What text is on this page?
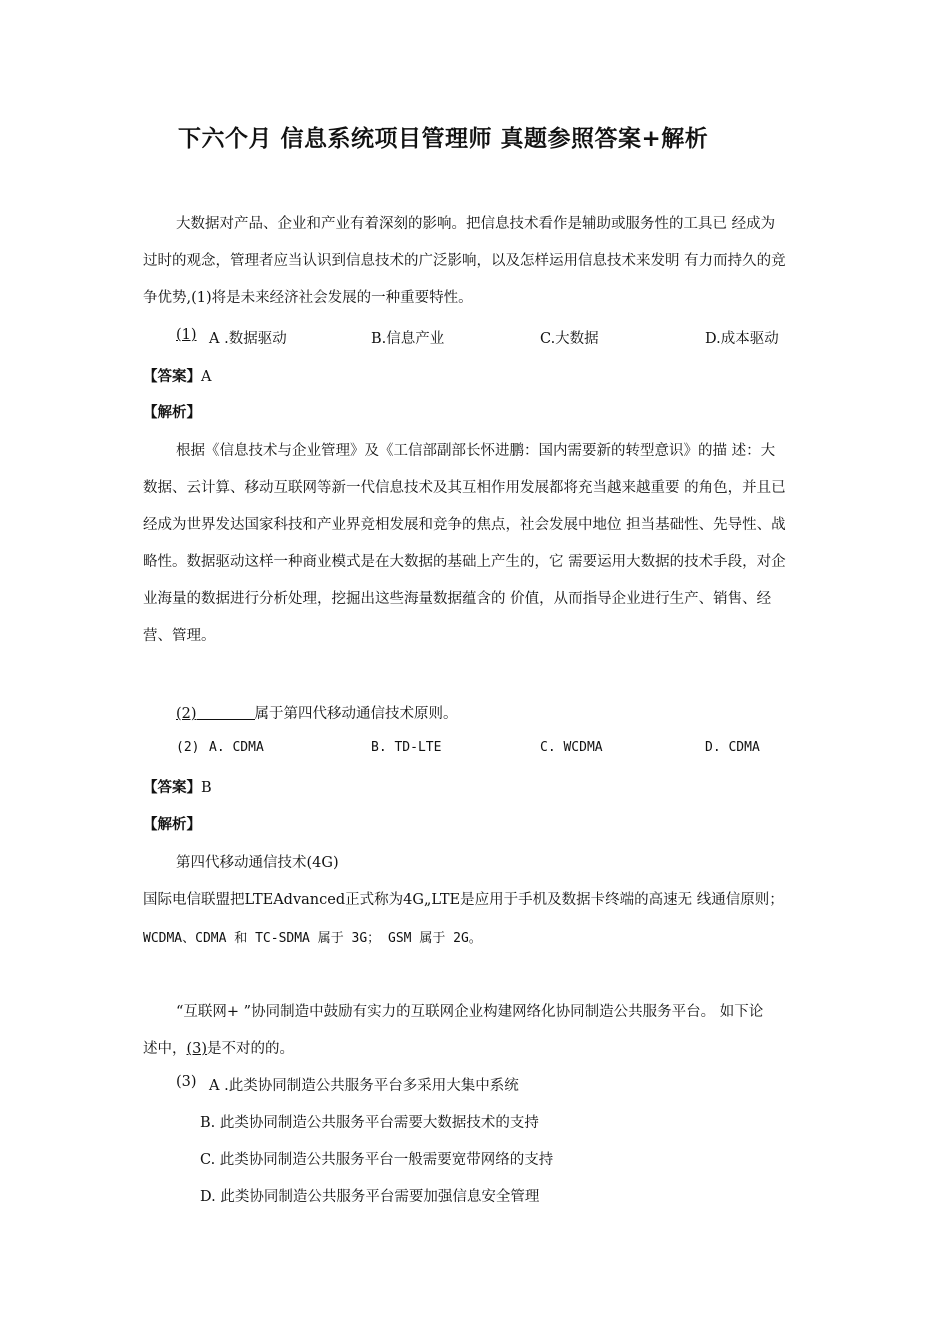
下六个月 信息系统项目管理师 真题参照答案+解析

大数据对产品、企业和产业有着深刻的影响。把信息技术看作是辅助或服务性的工具已 经成为

过时的观念，管理者应当认识到信息技术的广泛影响，以及怎样运用信息技术来发明 有力而持久的竞

争优势,(1)将是未来经济社会发展的一种重要特性。

(1) A .数据驱动	B.信息产业	C.大数据	D.成本驱动
【答案】A
【解析】

根据《信息技术与企业管理》及《工信部副部长怀进鹏：国内需要新的转型意识》的描 述：大

数据、云计算、移动互联网等新一代信息技术及其互相作用发展都将充当越来越重要 的角色，并且已

经成为世界发达国家科技和产业界竞相发展和竞争的焦点，社会发展中地位 担当基础性、先导性、战

略性。数据驱动这样一种商业模式是在大数据的基础上产生的，它 需要运用大数据的技术手段，对企

业海量的数据进行分析处理，挖掘出这些海量数据蕴含的 价值，从而指导企业进行生产、销售、经

营、管理。

(2)	属于第四代移动通信技术原则。
(2) A. CDMA	B. TD-LTE	C. WCDMA	D. CDMA
【答案】B
【解析】
第四代移动通信技术(4G)
国际电信联盟把LTEAdvanced正式称为4G„LTE是应用于手机及数据卡终端的高速无 线通信原则；
WCDMA、CDMA 和 TC-SDMA 属于 3G； GSM 属于 2G。
“互联网+ ”协同制造中鼓励有实力的互联网企业构建网络化协同制造公共服务平台。 如下论
述中，(3)是不对的的。
(3) A .此类协同制造公共服务平台多采用大集中系统
B. 此类协同制造公共服务平台需要大数据技术的支持
C. 此类协同制造公共服务平台一般需要宽带网络的支持
D. 此类协同制造公共服务平台需要加强信息安全管理
